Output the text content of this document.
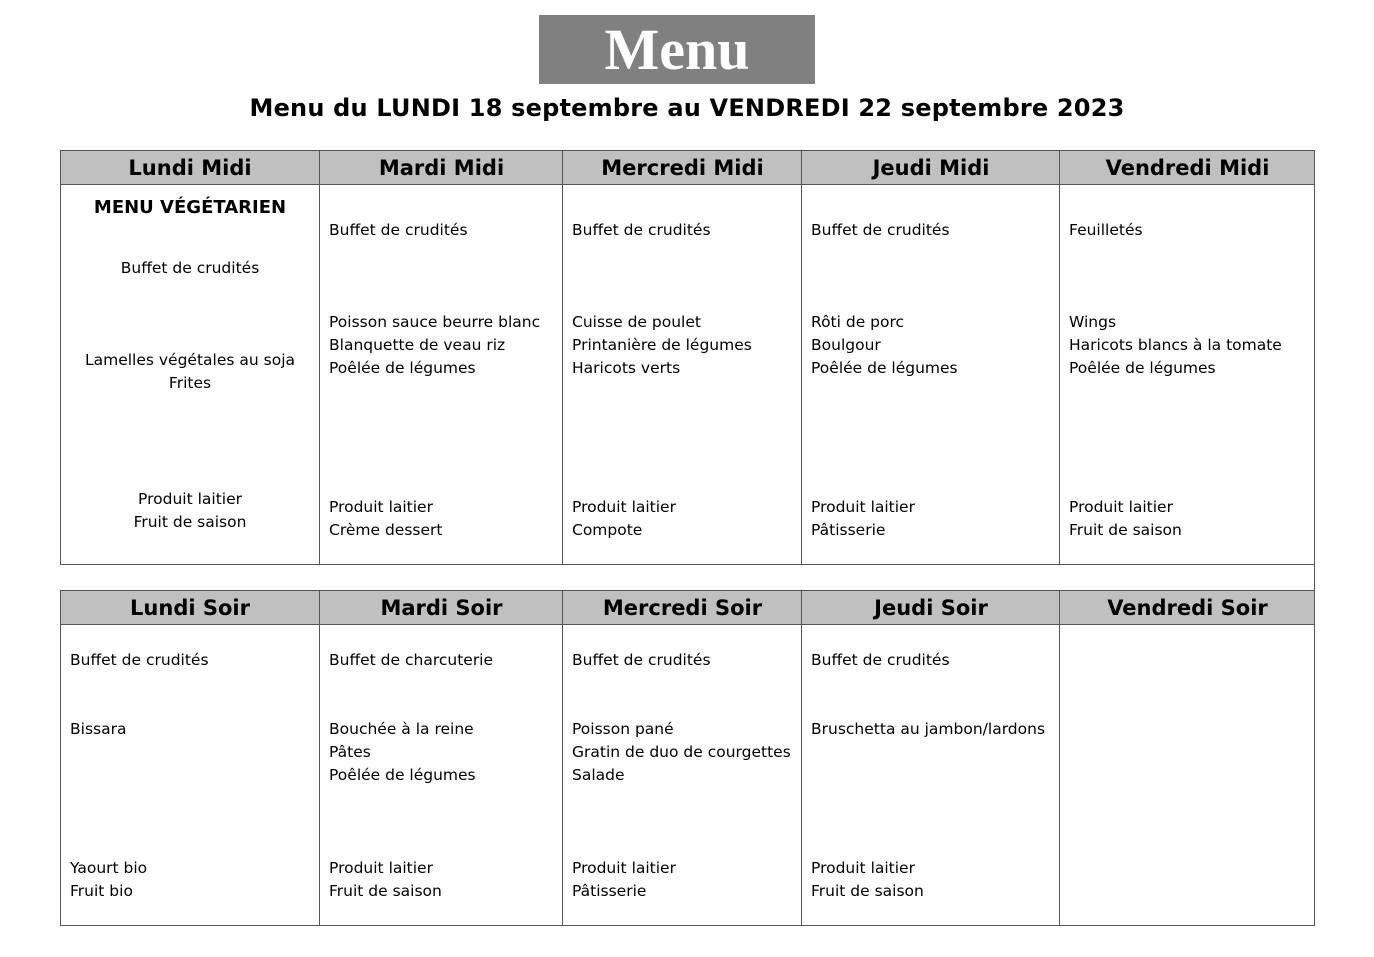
Menu
Menu du LUNDI 18 septembre au VENDREDI 22 septembre 2023
Lundi Midi
MENU VÉGÉTARIEN
Buffet de crudités
Lamelles végétales au soja
Frites
Produit laitier
Fruit de saison
Mardi Midi
Buffet de crudités
Poisson sauce beurre blanc
Blanquette de veau riz
Poêlée de légumes
Produit laitier
Crème dessert
Mercredi Midi
Buffet de crudités
Cuisse de poulet
Printanière de légumes
Haricots verts
Produit laitier
Compote
Jeudi Midi
Buffet de crudités
Rôti de porc
Boulgour
Poêlée de légumes
Produit laitier
Pâtisserie
Vendredi Midi
Feuilletés
Wings
Haricots blancs à la tomate
Poêlée de légumes
Produit laitier
Fruit de saison
Lundi Soir
Buffet de crudités
Bissara
Yaourt bio
Fruit bio
Mardi Soir
Buffet de charcuterie
Bouchée à la reine
Pâtes
Poêlée de légumes
Produit laitier
Fruit de saison
Mercredi Soir
Buffet de crudités
Poisson pané
Gratin de duo de courgettes
Salade
Produit laitier
Pâtisserie
Jeudi Soir
Buffet de crudités
Bruschetta au jambon/lardons
Produit laitier
Fruit de saison
Vendredi Soir
